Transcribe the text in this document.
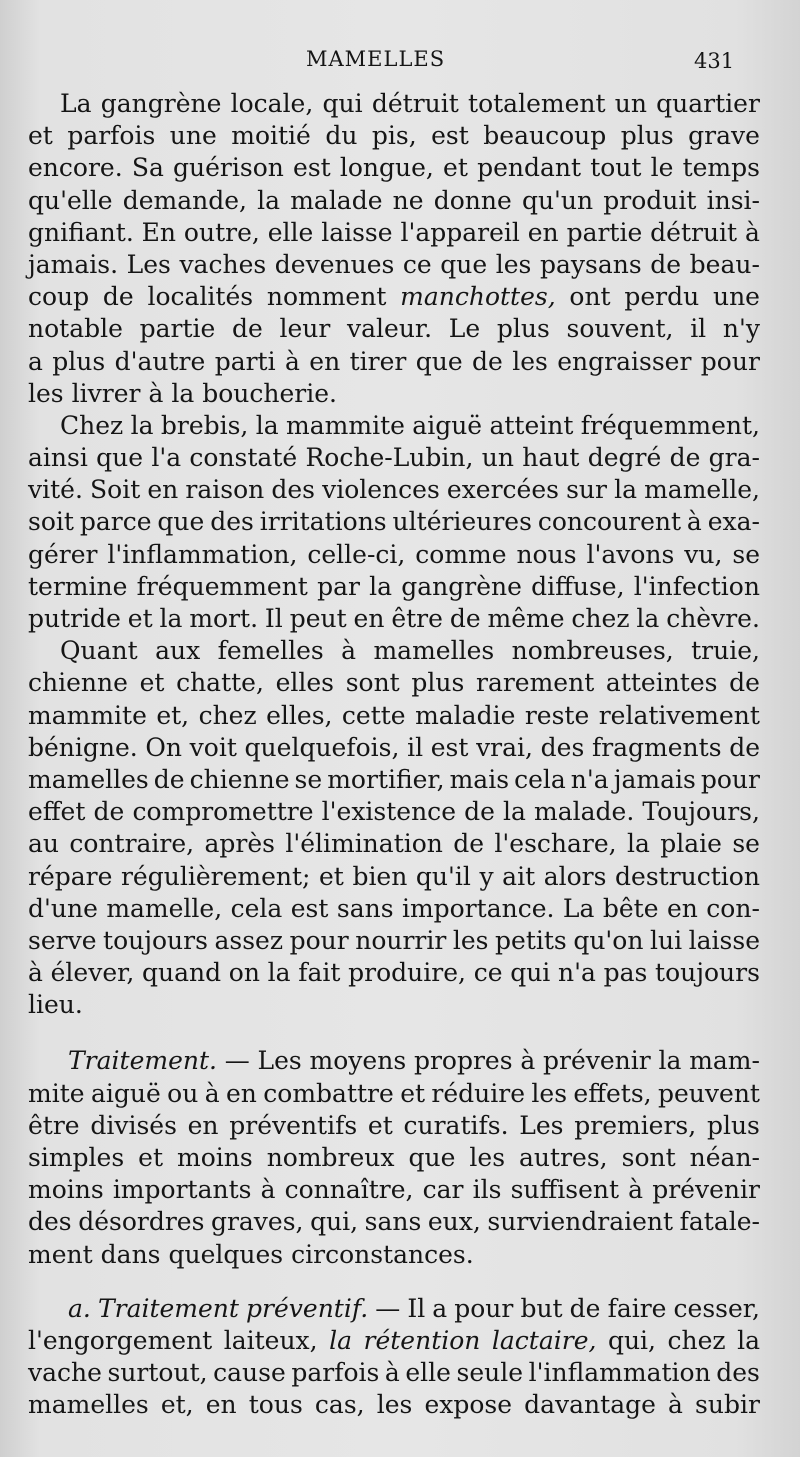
MAMELLES	431
La gangrène locale, qui détruit totalement un quartier
et parfois une moitié du pis, est beaucoup plus grave
encore. Sa guérison est longue, et pendant tout le temps
qu'elle demande, la malade ne donne qu'un produit insi-
gnifiant. En outre, elle laisse l'appareil en partie détruit à
jamais. Les vaches devenues ce que les paysans de beau-
coup de localités nomment manchottes, ont perdu une
notable partie de leur valeur. Le plus souvent, il n'y
a plus d'autre parti à en tirer que de les engraisser pour
les livrer à la boucherie.
Chez la brebis, la mammite aiguë atteint fréquemment,
ainsi que l'a constaté Roche-Lubin, un haut degré de gra-
vité. Soit en raison des violences exercées sur la mamelle,
soit parce que des irritations ultérieures concourent à exa-
gérer l'inflammation, celle-ci, comme nous l'avons vu, se
termine fréquemment par la gangrène diffuse, l'infection
putride et la mort. Il peut en être de même chez la chèvre.
Quant aux femelles à mamelles nombreuses, truie,
chienne et chatte, elles sont plus rarement atteintes de
mammite et, chez elles, cette maladie reste relativement
bénigne. On voit quelquefois, il est vrai, des fragments de
mamelles de chienne se mortifier, mais cela n'a jamais pour
effet de compromettre l'existence de la malade. Toujours,
au contraire, après l'élimination de l'eschare, la plaie se
répare régulièrement; et bien qu'il y ait alors destruction
d'une mamelle, cela est sans importance. La bête en con-
serve toujours assez pour nourrir les petits qu'on lui laisse
à élever, quand on la fait produire, ce qui n'a pas toujours
lieu.
Traitement. — Les moyens propres à prévenir la mam-
mite aiguë ou à en combattre et réduire les effets, peuvent
être divisés en préventifs et curatifs. Les premiers, plus
simples et moins nombreux que les autres, sont néan-
moins importants à connaître, car ils suffisent à prévenir
des désordres graves, qui, sans eux, surviendraient fatale-
ment dans quelques circonstances.
a. Traitement préventif. — Il a pour but de faire cesser,
l'engorgement laiteux, la rétention lactaire, qui, chez la
vache surtout, cause parfois à elle seule l'inflammation des
mamelles et, en tous cas, les expose davantage à subir
